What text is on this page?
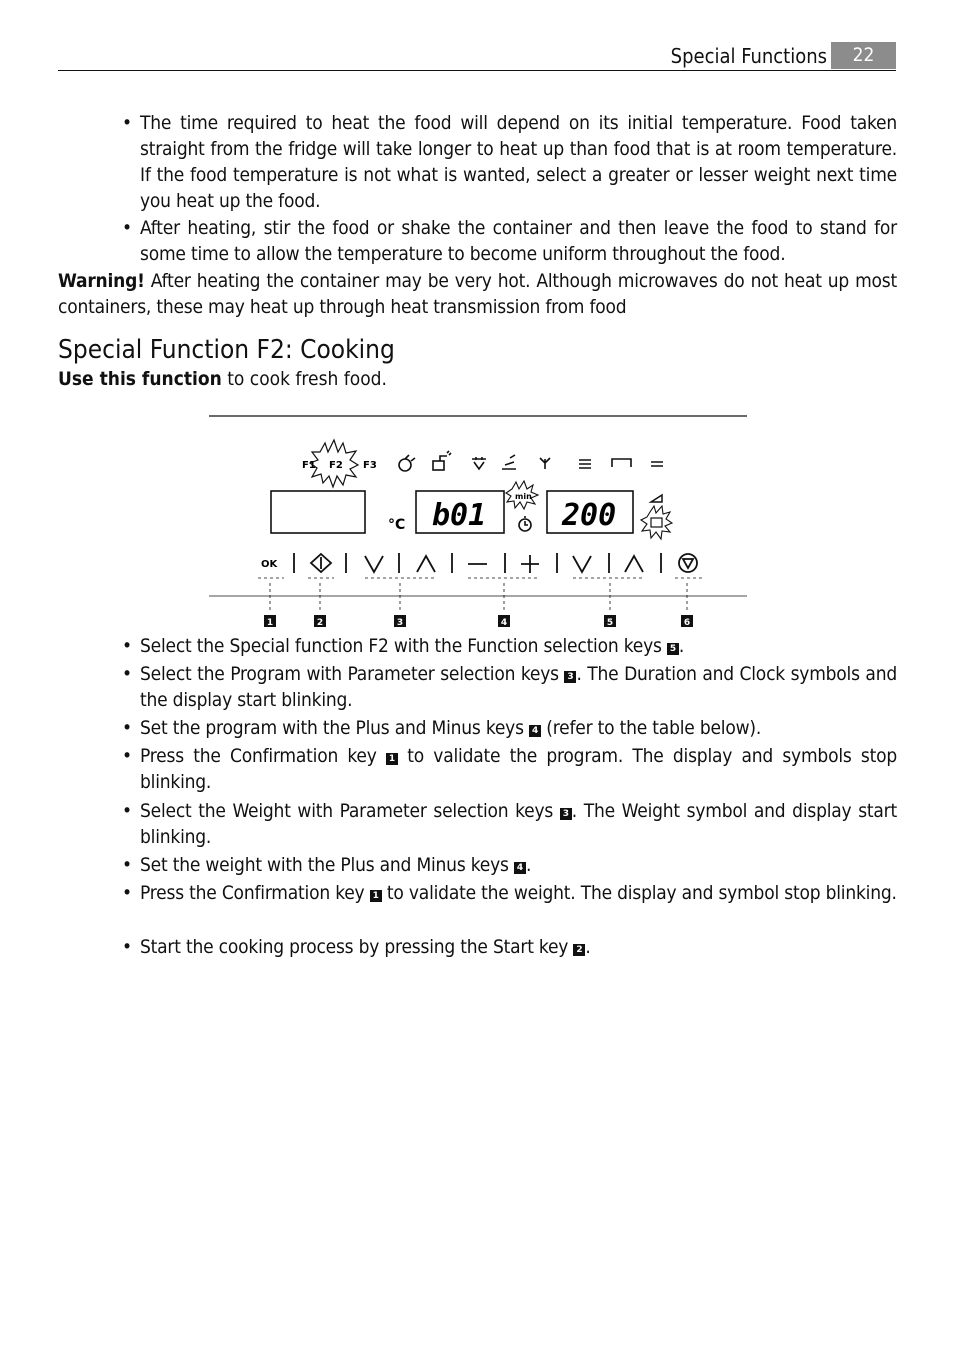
Special Functions	22
• The time required to heat the food will depend on its initial temperature. Food taken straight from the fridge will take longer to heat up than food that is at room temperature. If the food temperature is not what is wanted, select a greater or lesser weight next time you heat up the food.
• After heating, stir the food or shake the container and then leave the food to stand for some time to allow the temperature to become uniform throughout the food.
Warning! After heating the container may be very hot. Although microwaves do not heat up most containers, these may heat up through heat transmission from food
Special Function F2: Cooking
Use this function to cook fresh food.
F1 F2 F3
°C b01
min
200
OK
1	2	3	4	5	6
• Select the Special function F2 with the Function selection keys 5 .
• Select the Program with Parameter selection keys 3 . The Duration and Clock symbols and the display start blinking.
• Set the program with the Plus and Minus keys 4 (refer to the table below).
• Press the Confirmation key 1 to validate the program. The display and symbols stop blinking.
• Select the Weight with Parameter selection keys 3 . The Weight symbol and display start blinking.
• Set the weight with the Plus and Minus keys 4 .
• Press the Confirmation key 1 to validate the weight. The display and symbol stop blinking.
• Start the cooking process by pressing the Start key 2 .
